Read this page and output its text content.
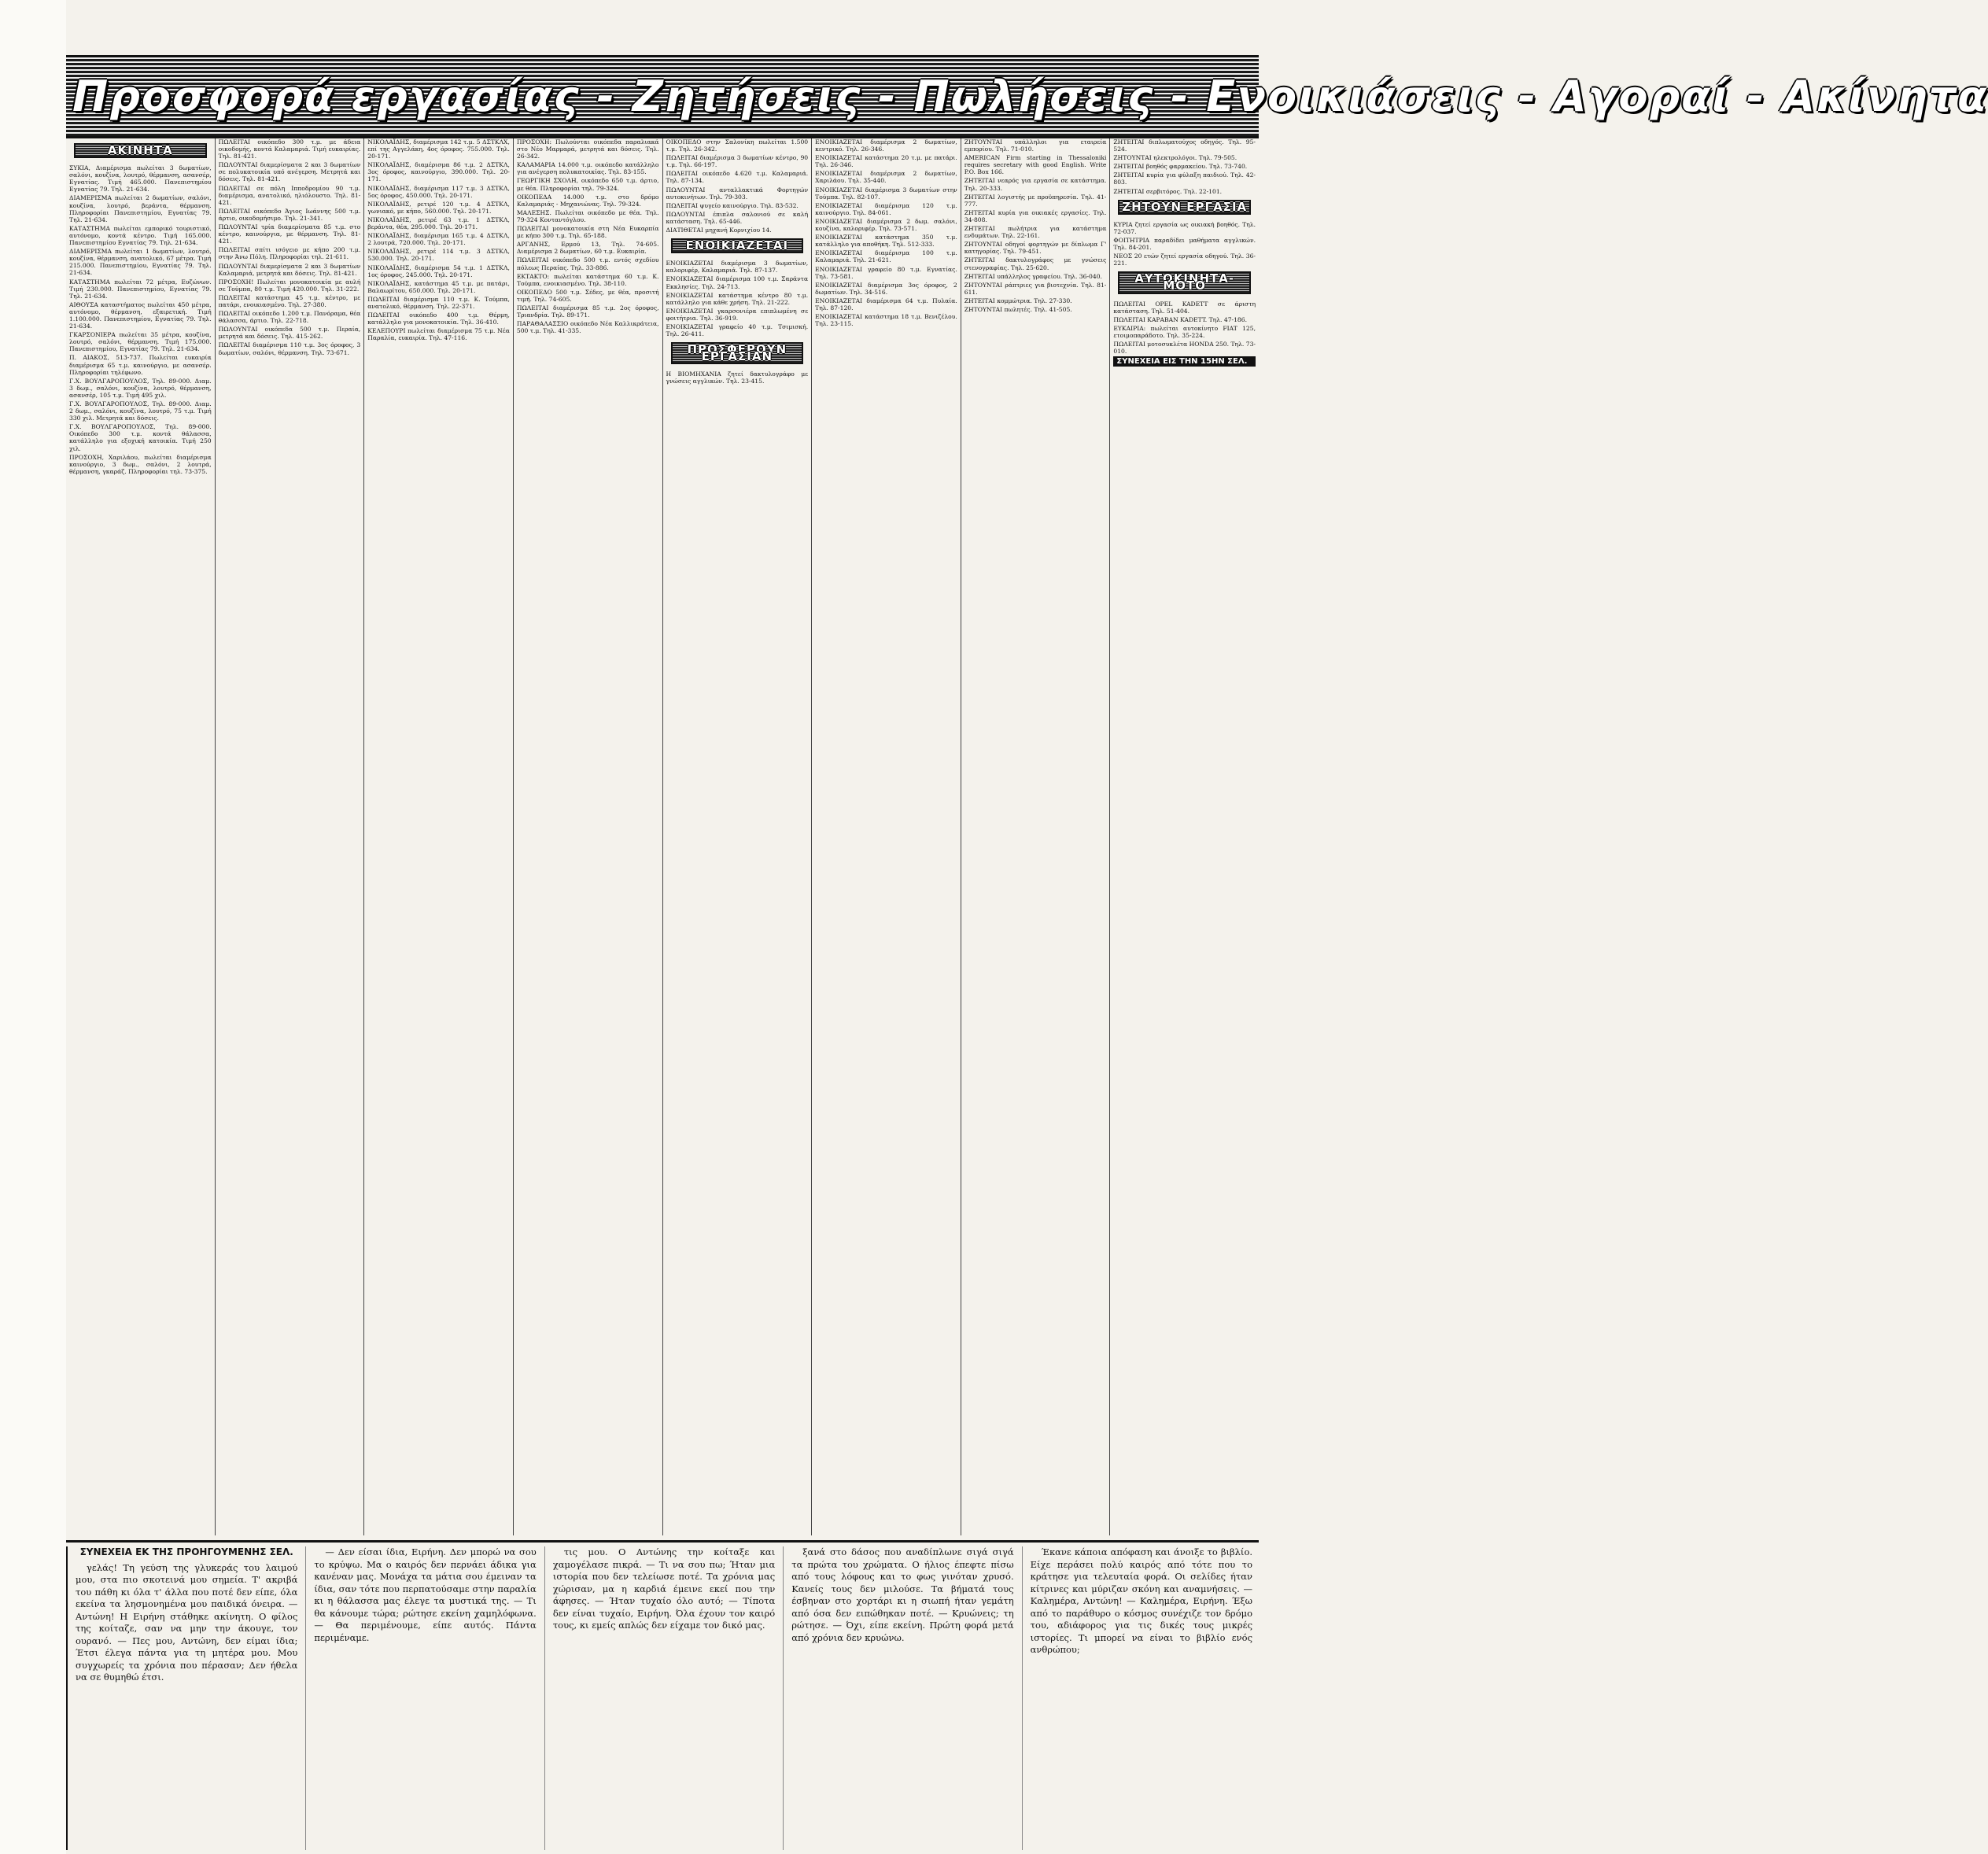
Προσφορά εργασίας - Ζητήσεις - Πωλήσεις - Ενοικιάσεις - Αγοραί - Ακίνητα
ΑΚΙΝΗΤΑ

ΣΥΚΙΑ, Διαμέρισμα πωλείται 3 δωματίων, σαλόνι, κουζίνα, λουτρό, θέρμανση, ασανσέρ, Εγνατίας. Τιμή 465.000. Πανεπιστημίου Εγνατίας 79. Τηλ. 21-634.

ΔΙΑΜΕΡΙΣΜΑ πωλείται 2 δωματίων, σαλόνι, κουζίνα, λουτρό, βεράντα, θέρμανση. Πληροφορίαι Πανεπιστημίου, Εγνατίας 79. Τηλ. 21-634.

ΚΑΤΑΣΤΗΜΑ πωλείται εμπορικό τουριστικό, αυτόνομο, κοντά κέντρο. Τιμή 165.000. Πανεπιστημίου Εγνατίας 79. Τηλ. 21-634.

ΔΙΑΜΕΡΙΣΜΑ πωλείται 1 δωματίων, λουτρό, κουζίνα, θέρμανση, ανατολικό, 67 μέτρα. Τιμή 215.000. Πανεπιστημίου, Εγνατίας 79. Τηλ. 21-634.

ΚΑΤΑΣΤΗΜΑ πωλείται 72 μέτρα, Ευζώνων. Τιμή 230.000. Πανεπιστημίου, Εγνατίας 79. Τηλ. 21-634.

ΑΙΘΟΥΣΑ καταστήματος πωλείται 450 μέτρα, αυτόνομο, θέρμανση, εξαιρετική. Τιμή 1.100.000. Πανεπιστημίου, Εγνατίας 79. Τηλ. 21-634.

ΓΚΑΡΣΟΝΙΕΡΑ πωλείται 35 μέτρα, κουζίνα, λουτρό, σαλόνι, θέρμανση. Τιμή 175.000. Πανεπιστημίου, Εγνατίας 79. Τηλ. 21-634.

Π. ΑΙΑΚΟΣ, 513-737. Πωλείται ευκαιρία διαμέρισμα 65 τ.μ. καινούργιο, με ασανσέρ. Πληροφορίαι τηλέφωνο.

Γ.Χ. ΒΟΥΛΓΑΡΟΠΟΥΛΟΣ, Τηλ. 89-000. Διαμ. 3 δωμ., σαλόνι, κουζίνα, λουτρό, θέρμανση, ασανσέρ, 105 τ.μ. Τιμή 495 χιλ.

Γ.Χ. ΒΟΥΛΓΑΡΟΠΟΥΛΟΣ, Τηλ. 89-000. Διαμ. 2 δωμ., σαλόνι, κουζίνα, λουτρό, 75 τ.μ. Τιμή 330 χιλ. Μετρητά και δόσεις.

Γ.Χ. ΒΟΥΛΓΑΡΟΠΟΥΛΟΣ, Τηλ. 89-000. Οικόπεδο 300 τ.μ. κοντά θάλασσα, κατάλληλο για εξοχική κατοικία. Τιμή 250 χιλ.

ΠΡΟΣΟΧΗ, Χαριλάου, πωλείται διαμέρισμα καινούργιο, 3 δωμ., σαλόνι, 2 λουτρά, θέρμανση, γκαράζ. Πληροφορίαι τηλ. 73-375.

ΠΩΛΕΙΤΑΙ οικόπεδο 300 τ.μ. με άδεια οικοδομής, κοντά Καλαμαριά. Τιμή ευκαιρίας. Τηλ. 81-421.

ΠΩΛΟΥΝΤΑΙ διαμερίσματα 2 και 3 δωματίων σε πολυκατοικία υπό ανέγερση. Μετρητά και δόσεις. Τηλ. 81-421.

ΠΩΛΕΙΤΑΙ σε πόλη Ιπποδρομίου 90 τ.μ. διαμέρισμα, ανατολικό, ηλιόλουστο. Τηλ. 81-421.

ΠΩΛΕΙΤΑΙ οικόπεδο Άγιος Ιωάννης 500 τ.μ. άρτιο, οικοδομήσιμο. Τηλ. 21-341.

ΠΩΛΟΥΝΤΑΙ τρία διαμερίσματα 85 τ.μ. στο κέντρο, καινούργια, με θέρμανση. Τηλ. 81-421.

ΠΩΛΕΙΤΑΙ σπίτι ισόγειο με κήπο 200 τ.μ. στην Άνω Πόλη. Πληροφορίαι τηλ. 21-611.

ΠΩΛΟΥΝΤΑΙ διαμερίσματα 2 και 3 δωματίων Καλαμαριά, μετρητά και δόσεις. Τηλ. 81-421.

ΠΡΟΣΟΧΗ! Πωλείται μονοκατοικία με αυλή σε Τούμπα, 80 τ.μ. Τιμή 420.000. Τηλ. 31-222.

ΠΩΛΕΙΤΑΙ κατάστημα 45 τ.μ. κέντρο, με πατάρι, ενοικιασμένο. Τηλ. 27-380.

ΠΩΛΕΙΤΑΙ οικόπεδο 1.200 τ.μ. Πανόραμα, θέα θάλασσα, άρτιο. Τηλ. 22-718.

ΠΩΛΟΥΝΤΑΙ οικόπεδα 500 τ.μ. Περαία, μετρητά και δόσεις. Τηλ. 415-262.

ΠΩΛΕΙΤΑΙ διαμέρισμα 110 τ.μ. 3ος όροφος, 3 δωματίων, σαλόνι, θέρμανση. Τηλ. 73-671.

ΝΙΚΟΛΑΪΔΗΣ, διαμέρισμα 142 τ.μ. 5 ΔΣΤΚΛΧ, επί της Αγγελάκη, 4ος όροφος. 755.000. Τηλ. 20-171.

ΝΙΚΟΛΑΪΔΗΣ, διαμέρισμα 86 τ.μ. 2 ΔΣΤΚΛ, 3ος όροφος, καινούργιο, 390.000. Τηλ. 20-171.

ΝΙΚΟΛΑΪΔΗΣ, διαμέρισμα 117 τ.μ. 3 ΔΣΤΚΛ, 5ος όροφος, 450.000. Τηλ. 20-171.

ΝΙΚΟΛΑΪΔΗΣ, ρετιρέ 120 τ.μ. 4 ΔΣΤΚΛ, γωνιακό, με κήπο, 560.000. Τηλ. 20-171.

ΝΙΚΟΛΑΪΔΗΣ, ρετιρέ 63 τ.μ. 1 ΔΣΤΚΛ, βεράντα, θέα, 295.000. Τηλ. 20-171.

ΝΙΚΟΛΑΪΔΗΣ, διαμέρισμα 165 τ.μ. 4 ΔΣΤΚΛ, 2 λουτρά, 720.000. Τηλ. 20-171.

ΝΙΚΟΛΑΪΔΗΣ, ρετιρέ 114 τ.μ. 3 ΔΣΤΚΛ, 530.000. Τηλ. 20-171.

ΝΙΚΟΛΑΪΔΗΣ, διαμέρισμα 54 τ.μ. 1 ΔΣΤΚΛ, 1ος όροφος, 245.000. Τηλ. 20-171.

ΝΙΚΟΛΑΪΔΗΣ, κατάστημα 45 τ.μ. με πατάρι, Βαλαωρίτου, 650.000. Τηλ. 20-171.

ΠΩΛΕΙΤΑΙ διαμέρισμα 110 τ.μ. Κ. Τούμπα, ανατολικό, θέρμανση. Τηλ. 22-371.

ΠΩΛΕΙΤΑΙ οικόπεδο 400 τ.μ. Θέρμη, κατάλληλο για μονοκατοικία. Τηλ. 36-410.

ΚΕΛΕΠΟΥΡΙ πωλείται διαμέρισμα 75 τ.μ. Νέα Παραλία, ευκαιρία. Τηλ. 47-116.

ΠΡΟΣΟΧΗ: Πωλούνται οικόπεδα παραλιακά στο Νέο Μαρμαρά, μετρητά και δόσεις. Τηλ. 26-342.

ΚΑΛΑΜΑΡΙΑ 14.000 τ.μ. οικόπεδο κατάλληλο για ανέγερση πολυκατοικίας. Τηλ. 83-155.

ΓΕΩΡΓΙΚΗ ΣΧΟΛΗ, οικόπεδο 650 τ.μ. άρτιο, με θέα. Πληροφορίαι τηλ. 79-324.

ΟΙΚΟΠΕΔΑ 14.000 τ.μ. στο δρόμο Καλαμαριάς - Μηχανιώνας. Τηλ. 79-324.

ΜΑΛΕΣΗΣ. Πωλείται οικόπεδο με θέα. Τηλ. 79-324 Κονταντόγλου.

ΠΩΛΕΙΤΑΙ μονοκατοικία στη Νέα Ευκαρπία με κήπο 300 τ.μ. Τηλ. 65-188.

ΑΡΓΑΝΗΣ, Ερμού 13, Τηλ. 74-605. Διαμέρισμα 2 δωματίων, 60 τ.μ. Ευκαιρία.

ΠΩΛΕΙΤΑΙ οικόπεδο 500 τ.μ. εντός σχεδίου πόλεως Περαίας. Τηλ. 33-886.

ΕΚΤΑΚΤΟ: πωλείται κατάστημα 60 τ.μ. Κ. Τούμπα, ενοικιασμένο. Τηλ. 38-110.

ΟΙΚΟΠΕΔΟ 500 τ.μ. Σέδες, με θέα, προσιτή τιμή. Τηλ. 74-605.

ΠΩΛΕΙΤΑΙ διαμέρισμα 85 τ.μ. 2ος όροφος, Τριανδρία. Τηλ. 89-171.

ΠΑΡΑΘΑΛΑΣΣΙΟ οικόπεδο Νέα Καλλικράτεια, 500 τ.μ. Τηλ. 41-335.

ΟΙΚΟΠΕΔΟ στην Σαλονίκη πωλείται 1.500 τ.μ. Τηλ. 26-342.

ΠΩΛΕΙΤΑΙ διαμέρισμα 3 δωματίων κέντρο, 90 τ.μ. Τηλ. 66-197.

ΠΩΛΕΙΤΑΙ οικόπεδο 4.620 τ.μ. Καλαμαριά. Τηλ. 87-134.

ΠΩΛΟΥΝΤΑΙ ανταλλακτικά Φορτηγών αυτοκινήτων. Τηλ. 79-303.

ΠΩΛΕΙΤΑΙ ψυγείο καινούργιο. Τηλ. 83-532.

ΠΩΛΟΥΝΤΑΙ έπιπλα σαλονιού σε καλή κατάσταση. Τηλ. 65-446.

ΔΙΑΤΙΘΕΤΑΙ μηχανή Κορνιχίου 14.

ΕΝΟΙΚΙΑΖΕΤΑΙ

ΕΝΟΙΚΙΑΖΕΤΑΙ διαμέρισμα 3 δωματίων, καλοριφέρ, Καλαμαριά. Τηλ. 87-137.

ΕΝΟΙΚΙΑΖΕΤΑΙ διαμέρισμα 100 τ.μ. Σαράντα Εκκλησίες. Τηλ. 24-713.

ΕΝΟΙΚΙΑΖΕΤΑΙ κατάστημα κέντρο 80 τ.μ. κατάλληλο για κάθε χρήση. Τηλ. 21-222.

ΕΝΟΙΚΙΑΖΕΤΑΙ γκαρσονιέρα επιπλωμένη σε φοιτήτρια. Τηλ. 36-919.

ΕΝΟΙΚΙΑΖΕΤΑΙ γραφείο 40 τ.μ. Τσιμισκή. Τηλ. 26-411.

ΠΡΟΣΦΕΡΟΥΝ ΕΡΓΑΣΙΑΝ

Η ΒΙΟΜΗΧΑΝΙΑ ζητεί δακτυλογράφο με γνώσεις αγγλικών. Τηλ. 23-415.

ΕΝΟΙΚΙΑΖΕΤΑΙ διαμέρισμα 2 δωματίων, κεντρικό. Τηλ. 26-346.

ΕΝΟΙΚΙΑΖΕΤΑΙ κατάστημα 20 τ.μ. με πατάρι. Τηλ. 26-346.

ΕΝΟΙΚΙΑΖΕΤΑΙ διαμέρισμα 2 δωματίων, Χαριλάου. Τηλ. 35-440.

ΕΝΟΙΚΙΑΖΕΤΑΙ διαμέρισμα 3 δωματίων στην Τούμπα. Τηλ. 82-107.

ΕΝΟΙΚΙΑΖΕΤΑΙ διαμέρισμα 120 τ.μ. καινούργιο. Τηλ. 84-061.

ΕΝΟΙΚΙΑΖΕΤΑΙ διαμέρισμα 2 δωμ. σαλόνι, κουζίνα, καλοριφέρ. Τηλ. 73-571.

ΕΝΟΙΚΙΑΖΕΤΑΙ κατάστημα 350 τ.μ. κατάλληλο για αποθήκη. Τηλ. 512-333.

ΕΝΟΙΚΙΑΖΕΤΑΙ διαμέρισμα 100 τ.μ. Καλαμαριά. Τηλ. 21-621.

ΕΝΟΙΚΙΑΖΕΤΑΙ γραφείο 80 τ.μ. Εγνατίας. Τηλ. 73-581.

ΕΝΟΙΚΙΑΖΕΤΑΙ διαμέρισμα 3ος όροφος, 2 δωματίων. Τηλ. 34-516.

ΕΝΟΙΚΙΑΖΕΤΑΙ διαμέρισμα 64 τ.μ. Πυλαία. Τηλ. 87-120.

ΕΝΟΙΚΙΑΖΕΤΑΙ κατάστημα 18 τ.μ. Βενιζέλου. Τηλ. 23-115.

ΖΗΤΟΥΝΤΑΙ υπάλληλοι για εταιρεία εμπορίου. Τηλ. 71-010.

AMERICAN Firm starting in Thessaloniki requires secretary with good English. Write P.O. Box 166.

ΖΗΤΕΙΤΑΙ νεαρός για εργασία σε κατάστημα. Τηλ. 20-333.

ΖΗΤΕΙΤΑΙ λογιστής με προϋπηρεσία. Τηλ. 41-777.

ΖΗΤΕΙΤΑΙ κυρία για οικιακές εργασίες. Τηλ. 34-808.

ΖΗΤΕΙΤΑΙ πωλήτρια για κατάστημα ενδυμάτων. Τηλ. 22-161.

ΖΗΤΟΥΝΤΑΙ οδηγοί φορτηγών με δίπλωμα Γ' κατηγορίας. Τηλ. 79-451.

ΖΗΤΕΙΤΑΙ δακτυλογράφος με γνώσεις στενογραφίας. Τηλ. 25-620.

ΖΗΤΕΙΤΑΙ υπάλληλος γραφείου. Τηλ. 36-040.

ΖΗΤΟΥΝΤΑΙ ράπτριες για βιοτεχνία. Τηλ. 81-611.

ΖΗΤΕΙΤΑΙ κομμώτρια. Τηλ. 27-330.

ΖΗΤΟΥΝΤΑΙ πωλητές. Τηλ. 41-505.

ΖΗΤΕΙΤΑΙ διπλωματούχος οδηγός. Τηλ. 95-524.

ΖΗΤΟΥΝΤΑΙ ηλεκτρολόγοι. Τηλ. 79-505.

ΖΗΤΕΙΤΑΙ βοηθός φαρμακείου. Τηλ. 73-740.

ΖΗΤΕΙΤΑΙ κυρία για φύλαξη παιδιού. Τηλ. 42-803.

ΖΗΤΕΙΤΑΙ σερβιτόρος. Τηλ. 22-101.

ΖΗΤΟΥΝ ΕΡΓΑΣΙΑ

ΚΥΡΙΑ ζητεί εργασία ως οικιακή βοηθός. Τηλ. 72-037.

ΦΟΙΤΗΤΡΙΑ παραδίδει μαθήματα αγγλικών. Τηλ. 84-201.

ΝΕΟΣ 20 ετών ζητεί εργασία οδηγού. Τηλ. 36-221.

ΑΥΤΟΚΙΝΗΤΑ-ΜΟΤΟ

ΠΩΛΕΙΤΑΙ OPEL KADETT σε άριστη κατάσταση. Τηλ. 51-404.

ΠΩΛΕΙΤΑΙ ΚΑΡΑΒΑΝ KADETT. Τηλ. 47-186.

ΕΥΚΑΙΡΙΑ: πωλείται αυτοκίνητο FIAT 125, ετοιμοπαράδοτο. Τηλ. 35-224.

ΠΩΛΕΙΤΑΙ μοτοσυκλέτα HONDA 250. Τηλ. 73-010.

ΣΥΝΕΧΕΙΑ ΕΙΣ ΤΗΝ 15ΗΝ ΣΕΛ.
ΣΥΝΕΧΕΙΑ ΕΚ ΤΗΣ ΠΡΟΗΓΟΥΜΕΝΗΣ ΣΕΛ.

γελάς! Τη γεύση της γλυκεράς του λαιμού μου, στα πιο σκοτεινά μου σημεία. Τ' ακριβά του πάθη κι όλα τ' άλλα που ποτέ δεν είπε, όλα εκείνα τα λησμονημένα μου παιδικά όνειρα. — Αντώνη! Η Ειρήνη στάθηκε ακίνητη. Ο φίλος της κοίταζε, σαν να μην την άκουγε, τον ουρανό. — Πες μου, Αντώνη, δεν είμαι ίδια; Έτσι έλεγα πάντα για τη μητέρα μου. Μου συγχωρείς τα χρόνια που πέρασαν; Δεν ήθελα να σε θυμηθώ έτσι.

— Δεν είσαι ίδια, Ειρήνη. Δεν μπορώ να σου το κρύψω. Μα ο καιρός δεν περνάει άδικα για κανέναν μας. Μονάχα τα μάτια σου έμειναν τα ίδια, σαν τότε που περπατούσαμε στην παραλία κι η θάλασσα μας έλεγε τα μυστικά της. — Τι θα κάνουμε τώρα; ρώτησε εκείνη χαμηλόφωνα. — Θα περιμένουμε, είπε αυτός. Πάντα περιμέναμε.

τις μου. Ο Αντώνης την κοίταξε και χαμογέλασε πικρά. — Τι να σου πω; Ήταν μια ιστορία που δεν τελείωσε ποτέ. Τα χρόνια μας χώρισαν, μα η καρδιά έμεινε εκεί που την άφησες. — Ήταν τυχαίο όλο αυτό; — Τίποτα δεν είναι τυχαίο, Ειρήνη. Όλα έχουν τον καιρό τους, κι εμείς απλώς δεν είχαμε τον δικό μας.

ξανά στο δάσος που αναδίπλωνε σιγά σιγά τα πρώτα του χρώματα. Ο ήλιος έπεφτε πίσω από τους λόφους και το φως γινόταν χρυσό. Κανείς τους δεν μιλούσε. Τα βήματά τους έσβηναν στο χορτάρι κι η σιωπή ήταν γεμάτη από όσα δεν ειπώθηκαν ποτέ. — Κρυώνεις; τη ρώτησε. — Όχι, είπε εκείνη. Πρώτη φορά μετά από χρόνια δεν κρυώνω.

Έκανε κάποια απόφαση και άνοιξε το βιβλίο. Είχε περάσει πολύ καιρός από τότε που το κράτησε για τελευταία φορά. Οι σελίδες ήταν κίτρινες και μύριζαν σκόνη και αναμνήσεις. — Καλημέρα, Αντώνη! — Καλημέρα, Ειρήνη. Έξω από το παράθυρο ο κόσμος συνέχιζε τον δρόμο του, αδιάφορος για τις δικές τους μικρές ιστορίες. Τι μπορεί να είναι το βιβλίο ενός ανθρώπου;
